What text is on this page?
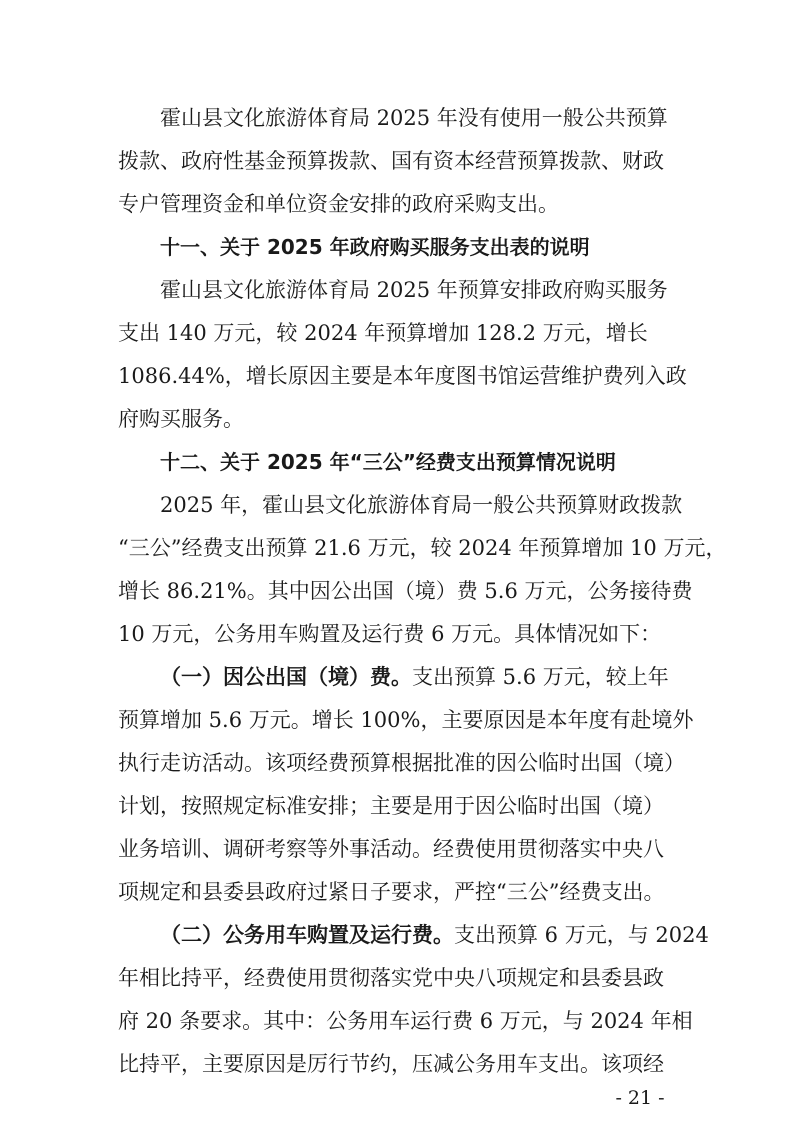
霍山县文化旅游体育局 2025 年没有使用一般公共预算
拨款、政府性基金预算拨款、国有资本经营预算拨款、财政
专户管理资金和单位资金安排的政府采购支出。
十一、关于 2025 年政府购买服务支出表的说明
霍山县文化旅游体育局 2025 年预算安排政府购买服务
支出 140 万元，较 2024 年预算增加 128.2 万元，增长
1086.44%，增长原因主要是本年度图书馆运营维护费列入政
府购买服务。
十二、关于 2025 年“三公”经费支出预算情况说明
2025 年，霍山县文化旅游体育局一般公共预算财政拨款
“三公”经费支出预算 21.6 万元，较 2024 年预算增加 10 万元，
增长 86.21%。其中因公出国（境）费 5.6 万元，公务接待费
10 万元，公务用车购置及运行费 6 万元。具体情况如下：
（一）因公出国（境）费。支出预算 5.6 万元，较上年
预算增加 5.6 万元。增长 100%，主要原因是本年度有赴境外
执行走访活动。该项经费预算根据批准的因公临时出国（境）
计划，按照规定标准安排；主要是用于因公临时出国（境）
业务培训、调研考察等外事活动。经费使用贯彻落实中央八
项规定和县委县政府过紧日子要求，严控“三公”经费支出。
（二）公务用车购置及运行费。支出预算 6 万元，与 2024
年相比持平，经费使用贯彻落实党中央八项规定和县委县政
府 20 条要求。其中：公务用车运行费 6 万元，与 2024 年相
比持平，主要原因是厉行节约，压减公务用车支出。该项经
- 21 -
